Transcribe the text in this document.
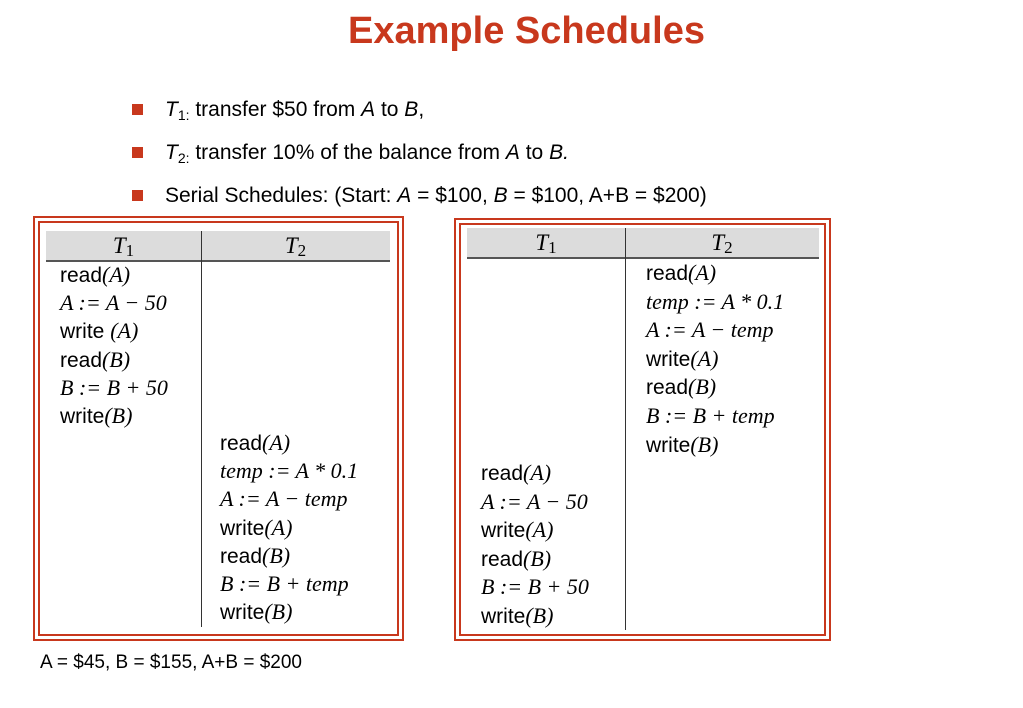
Example Schedules
$T_{1:}$ transfer $50 from A to B,
$T_{2:}$ transfer 10% of the balance from A to B.
Serial Schedules: (Start: A = $100, B = $100, A+B = $200)
$T_1$	$T_2$
read(A)
A := A − 50
write (A)
read(B)
B := B + 50
write(B)
read(A)
temp := A * 0.1
A := A − temp
write(A)
read(B)
B := B + temp
write(B)
$T_1$	$T_2$
read(A)
A := A − 50
write(A)
read(B)
B := B + 50
write(B)
read(A)
temp := A * 0.1
A := A − temp
write(A)
read(B)
B := B + temp
write(B)
A = $45, B = $155, A+B = $200
